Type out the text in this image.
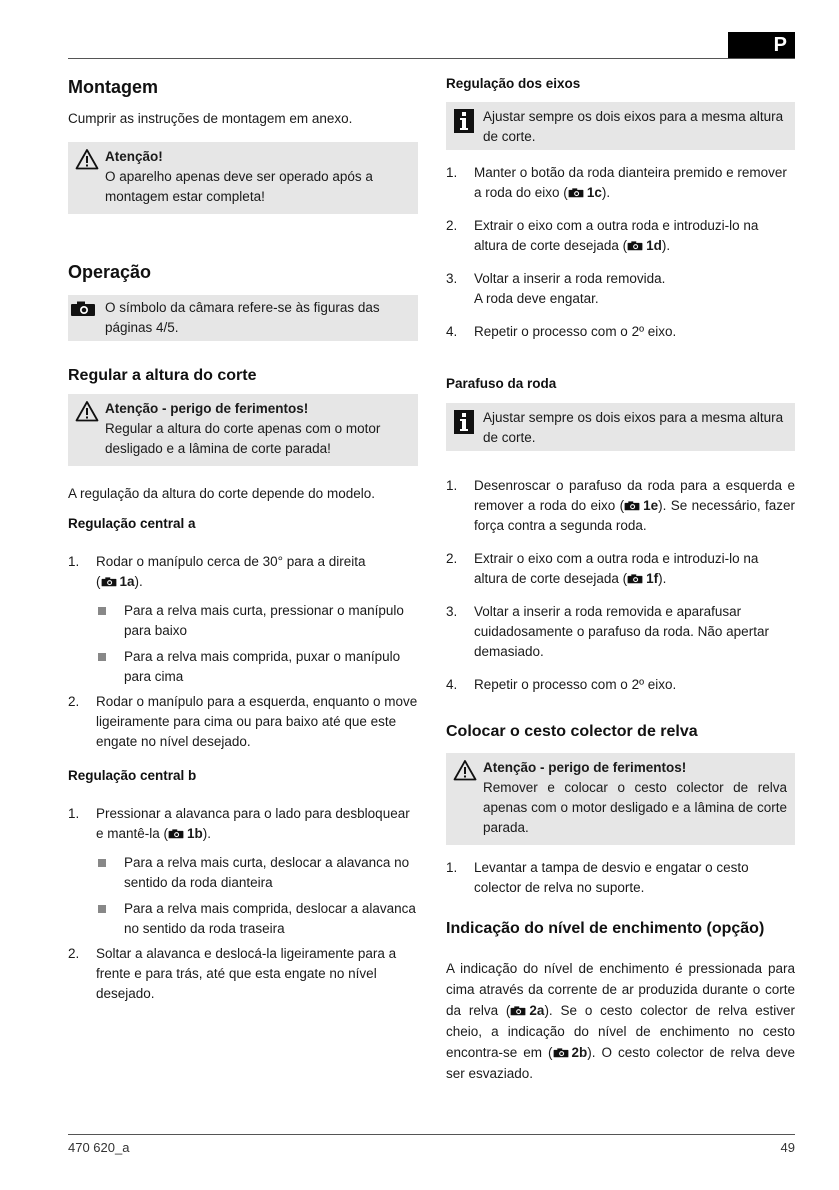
P
470 620_a	49
Montagem

Cumprir as instruções de montagem em anexo.

Atenção!
O aparelho apenas deve ser operado após a montagem estar completa!
Operação
O símbolo da câmara refere-se às figuras das páginas 4/5.
Regular a altura do corte
Atenção - perigo de ferimentos!
Regular a altura do corte apenas com o motor desligado e a lâmina de corte parada!

A regulação da altura do corte depende do modelo.

Regulação central a
1. Rodar o manípulo cerca de 30° para a direita
( 1a).
Para a relva mais curta, pressionar o manípulo para baixo
Para a relva mais comprida, puxar o manípulo para cima
2. Rodar o manípulo para a esquerda, enquanto o move ligeiramente para cima ou para baixo até que este engate no nível desejado.
Regulação central b
1. Pressionar a alavanca para o lado para desbloquear e mantê-la ( 1b).
Para a relva mais curta, deslocar a alavanca no sentido da roda dianteira
Para a relva mais comprida, deslocar a alavanca no sentido da roda traseira
2. Soltar a alavanca e deslocá-la ligeiramente para a frente e para trás, até que esta engate no nível desejado.
Regulação dos eixos
Ajustar sempre os dois eixos para a mesma altura de corte.
1. Manter o botão da roda dianteira premido e remover a roda do eixo ( 1c).
2. Extrair o eixo com a outra roda e introduzi-lo na altura de corte desejada ( 1d).
3. Voltar a inserir a roda removida.
A roda deve engatar.
4. Repetir o processo com o 2º eixo.
Parafuso da roda
Ajustar sempre os dois eixos para a mesma altura de corte.
1. Desenroscar o parafuso da roda para a esquerda e remover a roda do eixo ( 1e). Se necessário, fazer força contra a segunda roda.
2. Extrair o eixo com a outra roda e introduzi-lo na altura de corte desejada ( 1f).
3. Voltar a inserir a roda removida e aparafusar cuidadosamente o parafuso da roda. Não apertar demasiado.
4. Repetir o processo com o 2º eixo.
Colocar o cesto colector de relva
Atenção - perigo de ferimentos!
Remover e colocar o cesto colector de relva apenas com o motor desligado e a lâmina de corte parada.
1. Levantar a tampa de desvio e engatar o cesto colector de relva no suporte.
Indicação do nível de enchimento (opção)

A indicação do nível de enchimento é pressionada para cima através da corrente de ar produzida durante o corte da relva ( 2a). Se o cesto colector de relva estiver cheio, a indicação do nível de enchimento no cesto encontra-se em ( 2b). O cesto colector de relva deve ser esvaziado.
